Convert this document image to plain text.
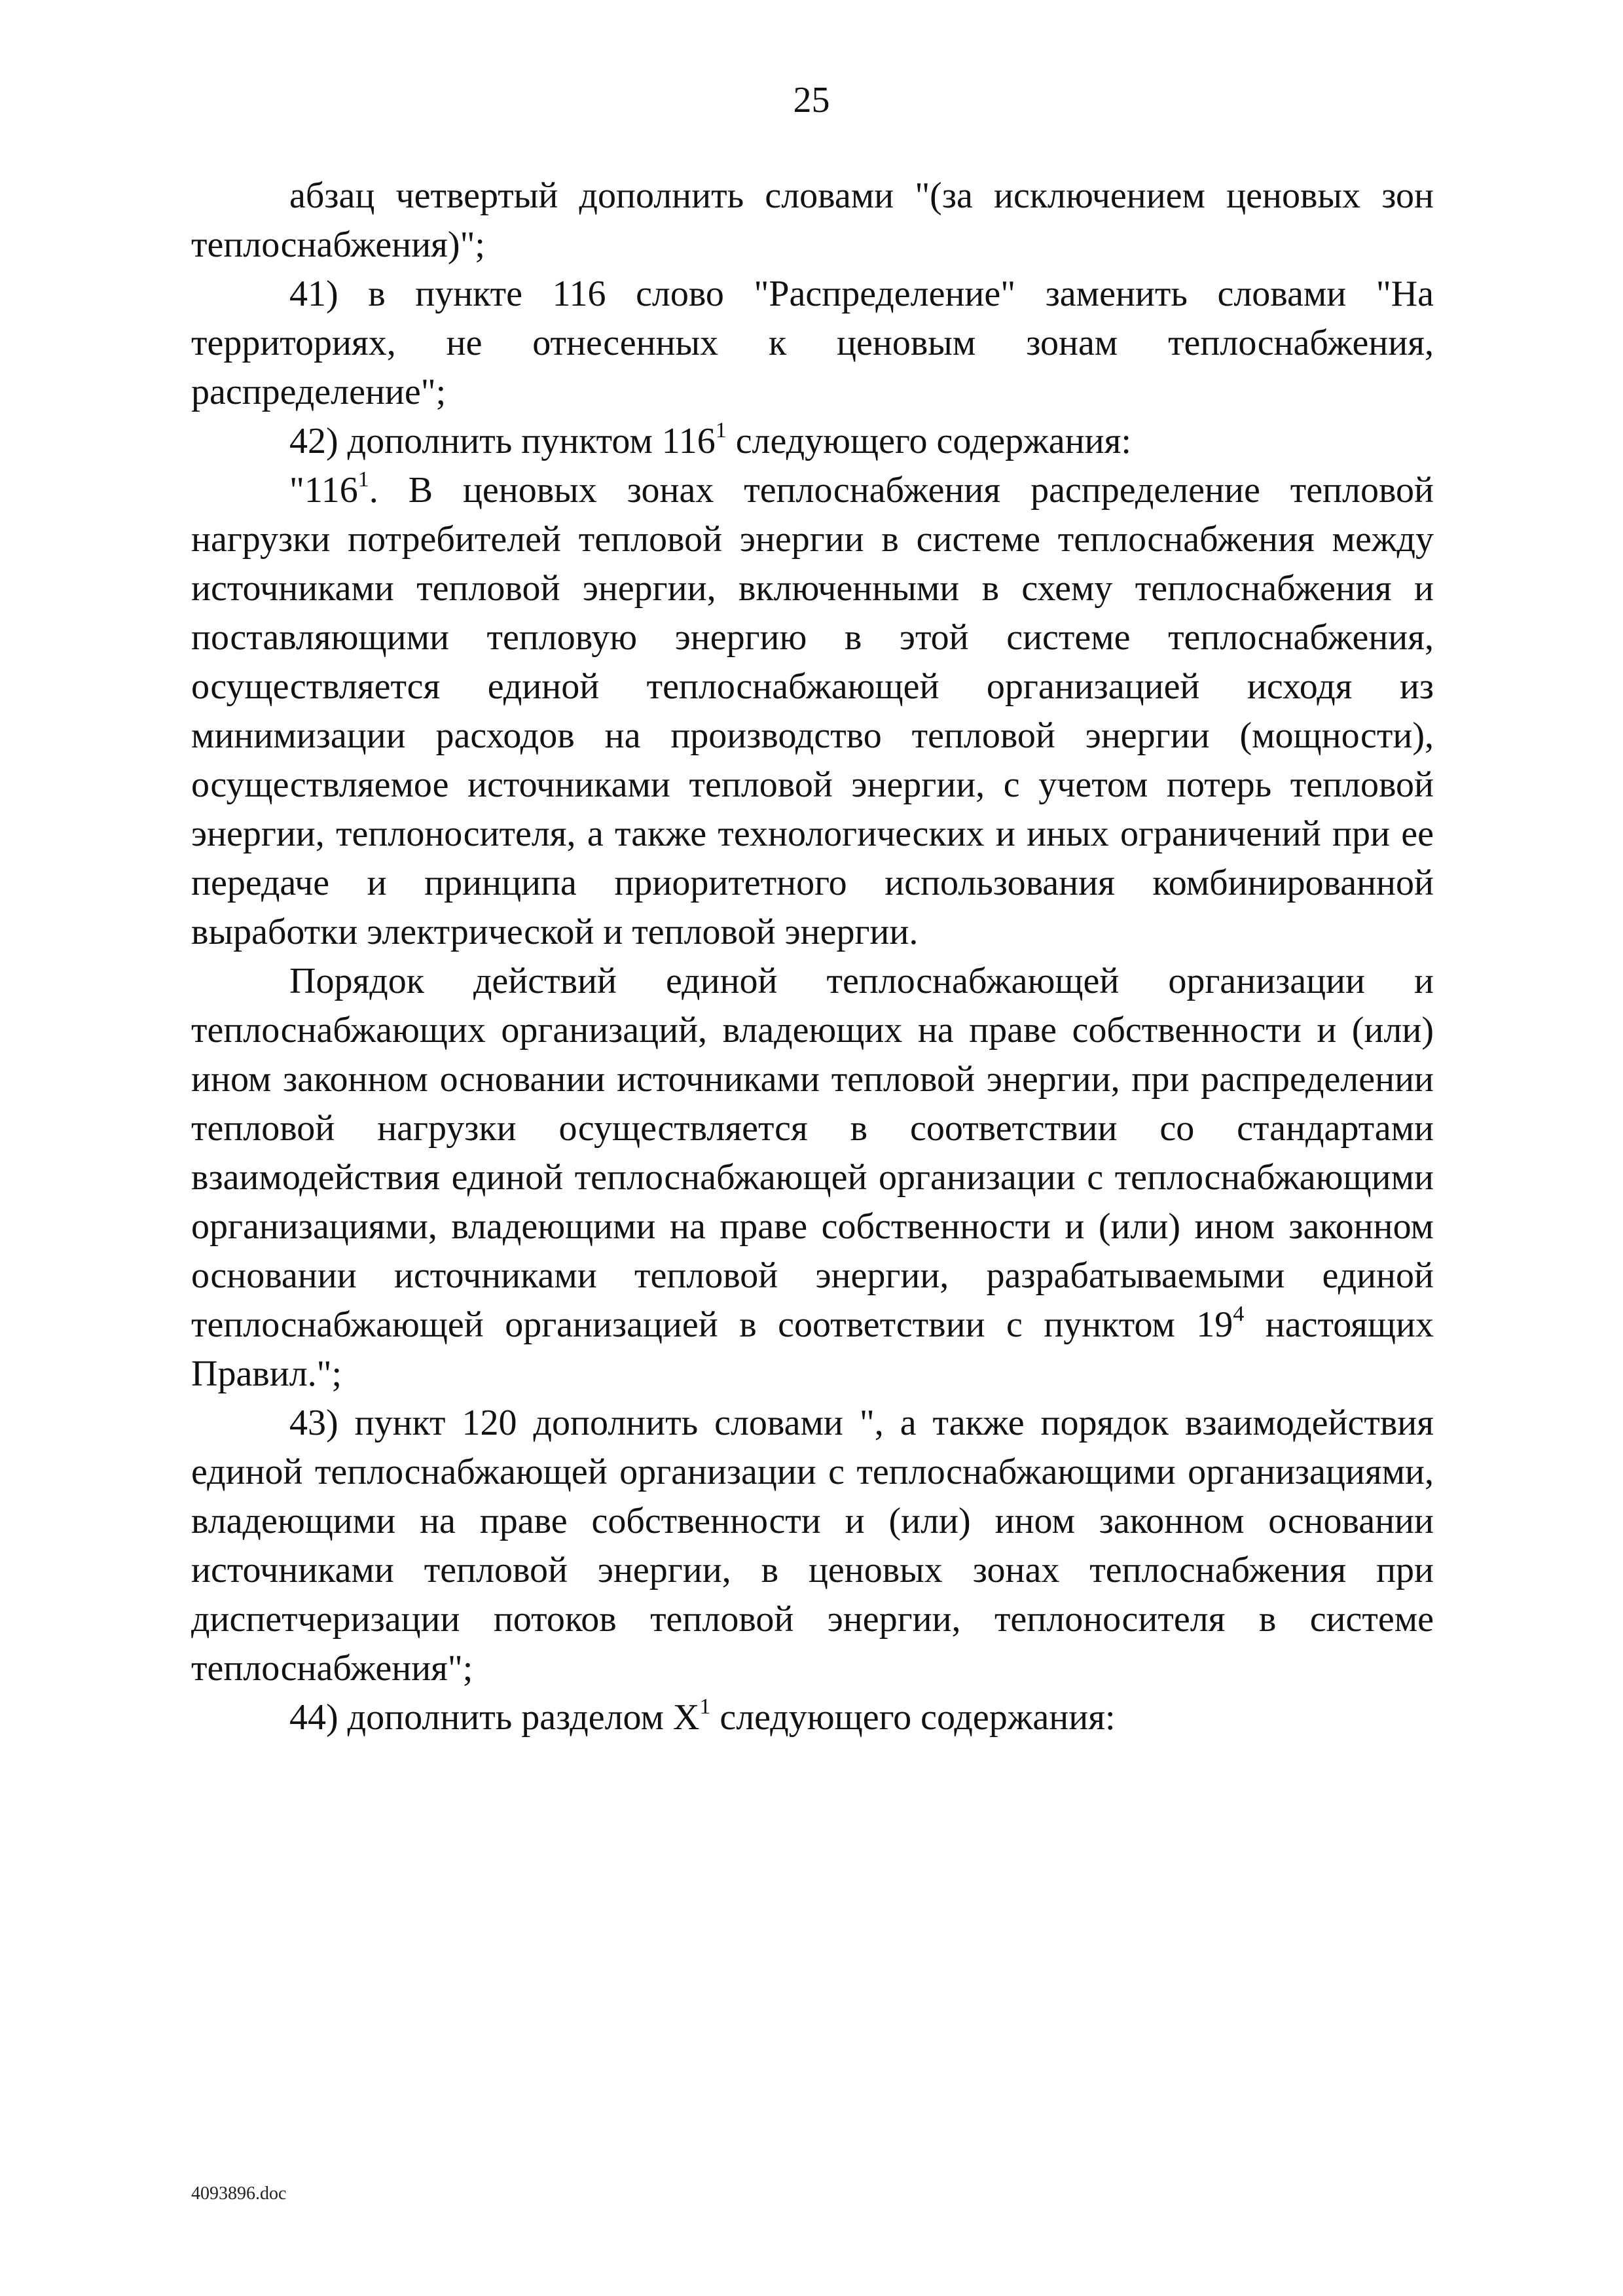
25

абзац четвертый дополнить словами "(за исключением ценовых зон теплоснабжения)";

41) в пункте 116 слово "Распределение" заменить словами "На территориях, не отнесенных к ценовым зонам теплоснабжения, распределение";

42) дополнить пунктом $116^1$ следующего содержания:

"$116^1$. В ценовых зонах теплоснабжения распределение тепловой нагрузки потребителей тепловой энергии в системе теплоснабжения между источниками тепловой энергии, включенными в схему теплоснабжения и поставляющими тепловую энергию в этой системе теплоснабжения, осуществляется единой теплоснабжающей организацией исходя из минимизации расходов на производство тепловой энергии (мощности), осуществляемое источниками тепловой энергии, с учетом потерь тепловой энергии, теплоносителя, а также технологических и иных ограничений при ее передаче и принципа приоритетного использования комбинированной выработки электрической и тепловой энергии.

Порядок действий единой теплоснабжающей организации и теплоснабжающих организаций, владеющих на праве собственности и (или) ином законном основании источниками тепловой энергии, при распределении тепловой нагрузки осуществляется в соответствии со стандартами взаимодействия единой теплоснабжающей организации с теплоснабжающими организациями, владеющими на праве собственности и (или) ином законном основании источниками тепловой энергии, разрабатываемыми единой теплоснабжающей организацией в соответствии с пунктом $19^4$ настоящих Правил.";

43) пункт 120 дополнить словами ", а также порядок взаимодействия единой теплоснабжающей организации с теплоснабжающими организациями, владеющими на праве собственности и (или) ином законном основании источниками тепловой энергии, в ценовых зонах теплоснабжения при диспетчеризации потоков тепловой энергии, теплоносителя в системе теплоснабжения";

44) дополнить разделом $X^1$ следующего содержания:

4093896.doc
